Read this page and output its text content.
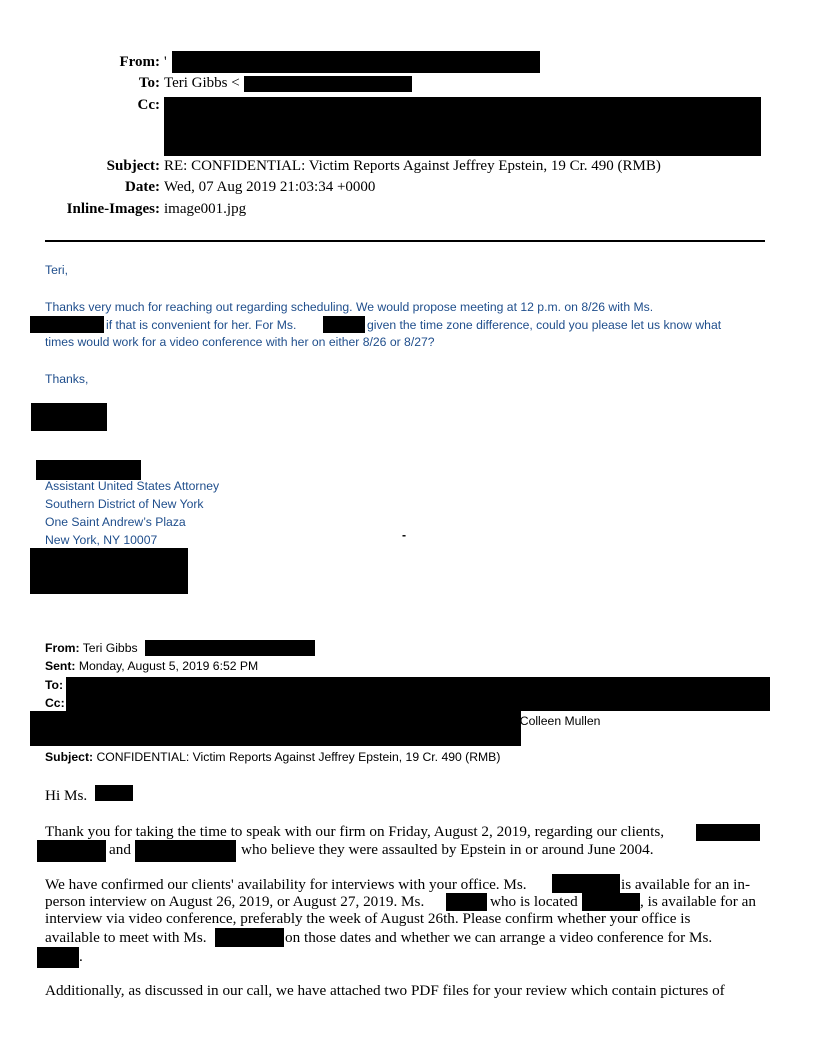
From: '
To: Teri Gibbs <
Cc:
Subject: RE: CONFIDENTIAL: Victim Reports Against Jeffrey Epstein, 19 Cr. 490 (RMB)
Date: Wed, 07 Aug 2019 21:03:34 +0000
Inline-Images: image001.jpg
Teri,
Thanks very much for reaching out regarding scheduling. We would propose meeting at 12 p.m. on 8/26 with Ms.
if that is convenient for her. For Ms.	given the time zone difference, could you please let us know what
times would work for a video conference with her on either 8/26 or 8/27?
Thanks,
Assistant United States Attorney
Southern District of New York
One Saint Andrew’s Plaza
New York, NY 10007	-
From: Teri Gibbs
Sent: Monday, August 5, 2019 6:52 PM
To:
Cc:
; Colleen Mullen
Subject: CONFIDENTIAL: Victim Reports Against Jeffrey Epstein, 19 Cr. 490 (RMB)
Hi Ms.
Thank you for taking the time to speak with our firm on Friday, August 2, 2019, regarding our clients,
and	who believe they were assaulted by Epstein in or around June 2004.
We have confirmed our clients' availability for interviews with your office. Ms.	is available for an in-
person interview on August 26, 2019, or August 27, 2019. Ms.	who is located	, is available for an
interview via video conference, preferably the week of August 26th. Please confirm whether your office is
available to meet with Ms.	on those dates and whether we can arrange a video conference for Ms.
.
Additionally, as discussed in our call, we have attached two PDF files for your review which contain pictures of
